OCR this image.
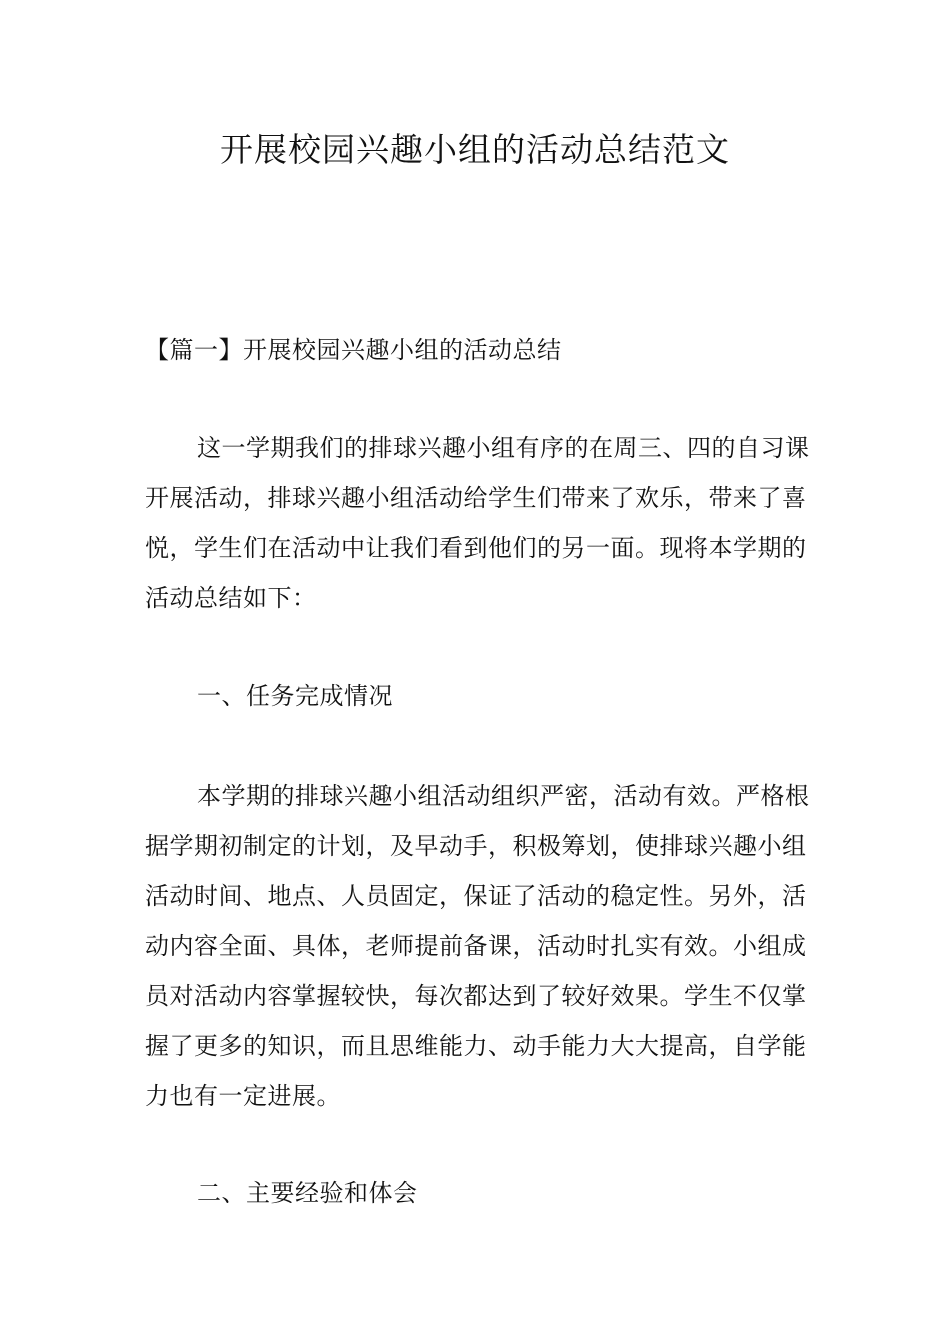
开展校园兴趣小组的活动总结范文

【篇一】开展校园兴趣小组的活动总结

这一学期我们的排球兴趣小组有序的在周三、四的自习课开展活动，排球兴趣小组活动给学生们带来了欢乐，带来了喜悦，学生们在活动中让我们看到他们的另一面。现将本学期的活动总结如下：

一、任务完成情况

本学期的排球兴趣小组活动组织严密，活动有效。严格根据学期初制定的计划，及早动手，积极筹划，使排球兴趣小组活动时间、地点、人员固定，保证了活动的稳定性。另外，活动内容全面、具体，老师提前备课，活动时扎实有效。小组成员对活动内容掌握较快，每次都达到了较好效果。学生不仅掌握了更多的知识，而且思维能力、动手能力大大提高，自学能力也有一定进展。

二、主要经验和体会
